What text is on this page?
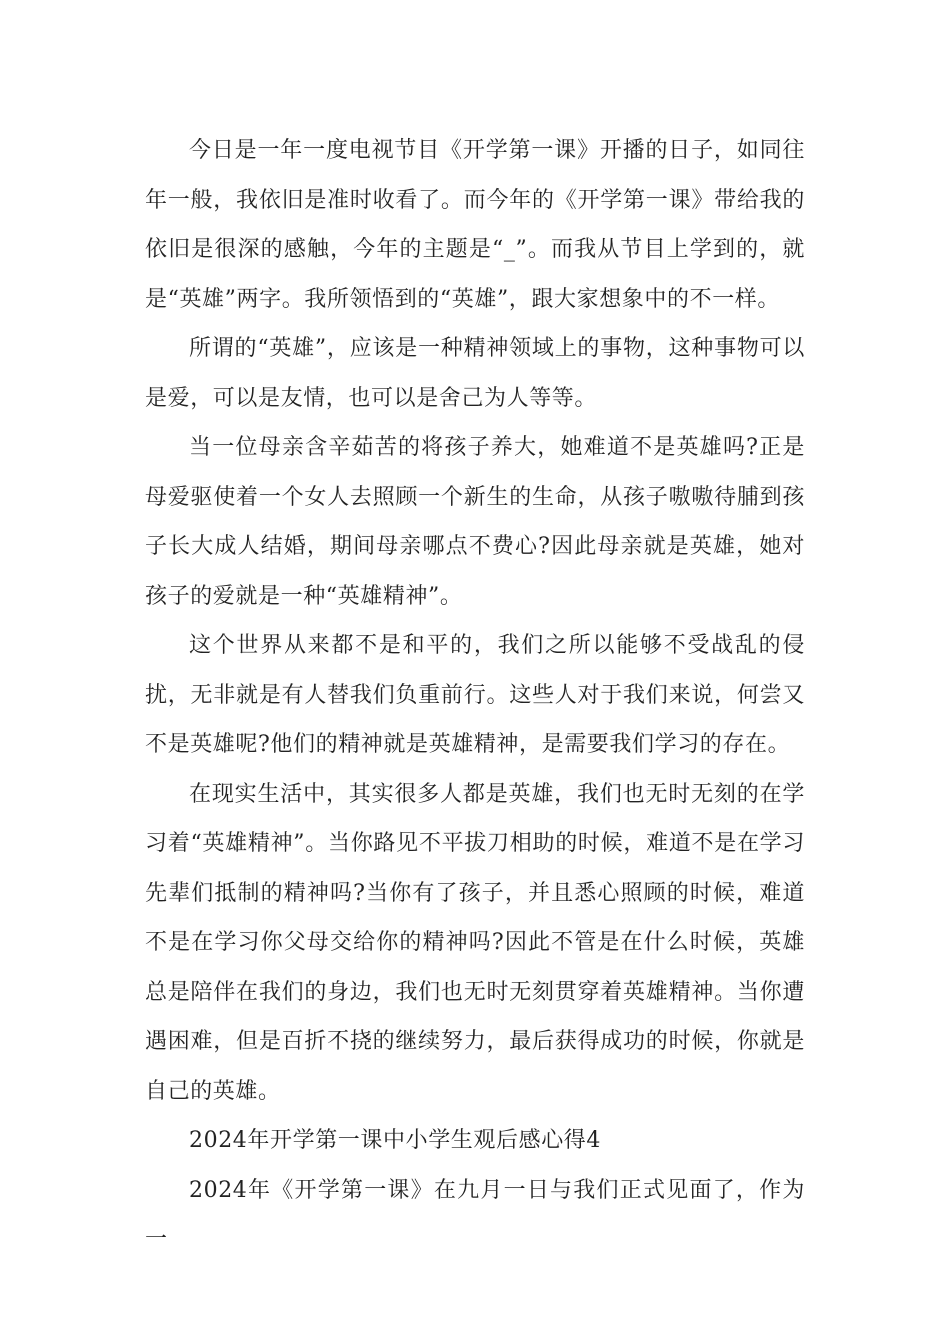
今日是一年一度电视节目《开学第一课》开播的日子，如同往年一般，我依旧是准时收看了。而今年的《开学第一课》带给我的依旧是很深的感触，今年的主题是“_”。而我从节目上学到的，就是“英雄”两字。我所领悟到的“英雄”，跟大家想象中的不一样。

所谓的“英雄”，应该是一种精神领域上的事物，这种事物可以是爱，可以是友情，也可以是舍己为人等等。

当一位母亲含辛茹苦的将孩子养大，她难道不是英雄吗?正是母爱驱使着一个女人去照顾一个新生的生命，从孩子嗷嗷待脯到孩子长大成人结婚，期间母亲哪点不费心?因此母亲就是英雄，她对孩子的爱就是一种“英雄精神”。

这个世界从来都不是和平的，我们之所以能够不受战乱的侵扰，无非就是有人替我们负重前行。这些人对于我们来说，何尝又不是英雄呢?他们的精神就是英雄精神，是需要我们学习的存在。

在现实生活中，其实很多人都是英雄，我们也无时无刻的在学习着“英雄精神”。当你路见不平拔刀相助的时候，难道不是在学习先辈们抵制的精神吗?当你有了孩子，并且悉心照顾的时候，难道不是在学习你父母交给你的精神吗?因此不管是在什么时候，英雄总是陪伴在我们的身边，我们也无时无刻贯穿着英雄精神。当你遭遇困难，但是百折不挠的继续努力，最后获得成功的时候，你就是自己的英雄。

2024年开学第一课中小学生观后感心得4

2024年《开学第一课》在九月一日与我们正式见面了，作为一
